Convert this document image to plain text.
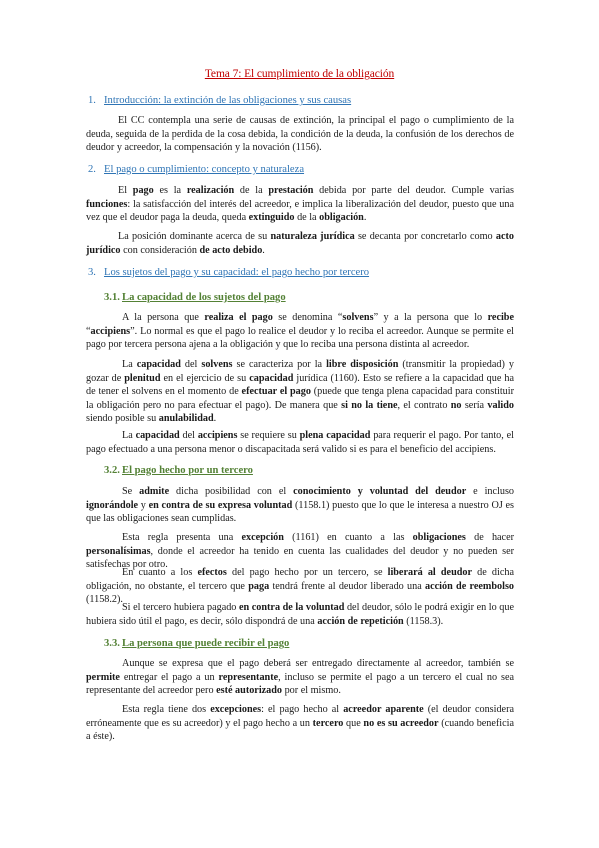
Tema 7: El cumplimiento de la obligación
1. Introducción: la extinción de las obligaciones y sus causas

El CC contempla una serie de causas de extinción, la principal el pago o cumplimiento de la deuda, seguida de la perdida de la cosa debida, la condición de la deuda, la confusión de los derechos de deudor y acreedor, la compensación y la novación (1156).

2. El pago o cumplimiento: concepto y naturaleza

El pago es la realización de la prestación debida por parte del deudor. Cumple varias funciones: la satisfacción del interés del acreedor, e implica la liberalización del deudor, puesto que una vez que el deudor paga la deuda, queda extinguido de la obligación.

La posición dominante acerca de su naturaleza jurídica se decanta por concretarlo como acto jurídico con consideración de acto debido.

3. Los sujetos del pago y su capacidad: el pago hecho por tercero
3.1. La capacidad de los sujetos del pago

A la persona que realiza el pago se denomina “solvens” y a la persona que lo recibe “accipiens”. Lo normal es que el pago lo realice el deudor y lo reciba el acreedor. Aunque se permite el pago por tercera persona ajena a la obligación y que lo reciba una persona distinta al acreedor.

La capacidad del solvens se caracteriza por la libre disposición (transmitir la propiedad) y gozar de plenitud en el ejercicio de su capacidad jurídica (1160). Esto se refiere a la capacidad que ha de tener el solvens en el momento de efectuar el pago (puede que tenga plena capacidad para constituir la obligación pero no para efectuar el pago). De manera que si no la tiene, el contrato no sería valido siendo posible su anulabilidad.

La capacidad del accipiens se requiere su plena capacidad para requerir el pago. Por tanto, el pago efectuado a una persona menor o discapacitada será valido si es para el beneficio del accipiens.

3.2. El pago hecho por un tercero

Se admite dicha posibilidad con el conocimiento y voluntad del deudor e incluso ignorándole y en contra de su expresa voluntad (1158.1) puesto que lo que le interesa a nuestro OJ es que las obligaciones sean cumplidas.

Esta regla presenta una excepción (1161) en cuanto a las obligaciones de hacer personalísimas, donde el acreedor ha tenido en cuenta las cualidades del deudor y no pueden ser satisfechas por otro.

En cuanto a los efectos del pago hecho por un tercero, se liberará al deudor de dicha obligación, no obstante, el tercero que paga tendrá frente al deudor liberado una acción de reembolso (1158.2).

Si el tercero hubiera pagado en contra de la voluntad del deudor, sólo le podrá exigir en lo que hubiera sido útil el pago, es decir, sólo dispondrá de una acción de repetición (1158.3).

3.3. La persona que puede recibir el pago

Aunque se expresa que el pago deberá ser entregado directamente al acreedor, también se permite entregar el pago a un representante, incluso se permite el pago a un tercero el cual no sea representante del acreedor pero esté autorizado por el mismo.

Esta regla tiene dos excepciones: el pago hecho al acreedor aparente (el deudor considera erróneamente que es su acreedor) y el pago hecho a un tercero que no es su acreedor (cuando beneficia a éste).
